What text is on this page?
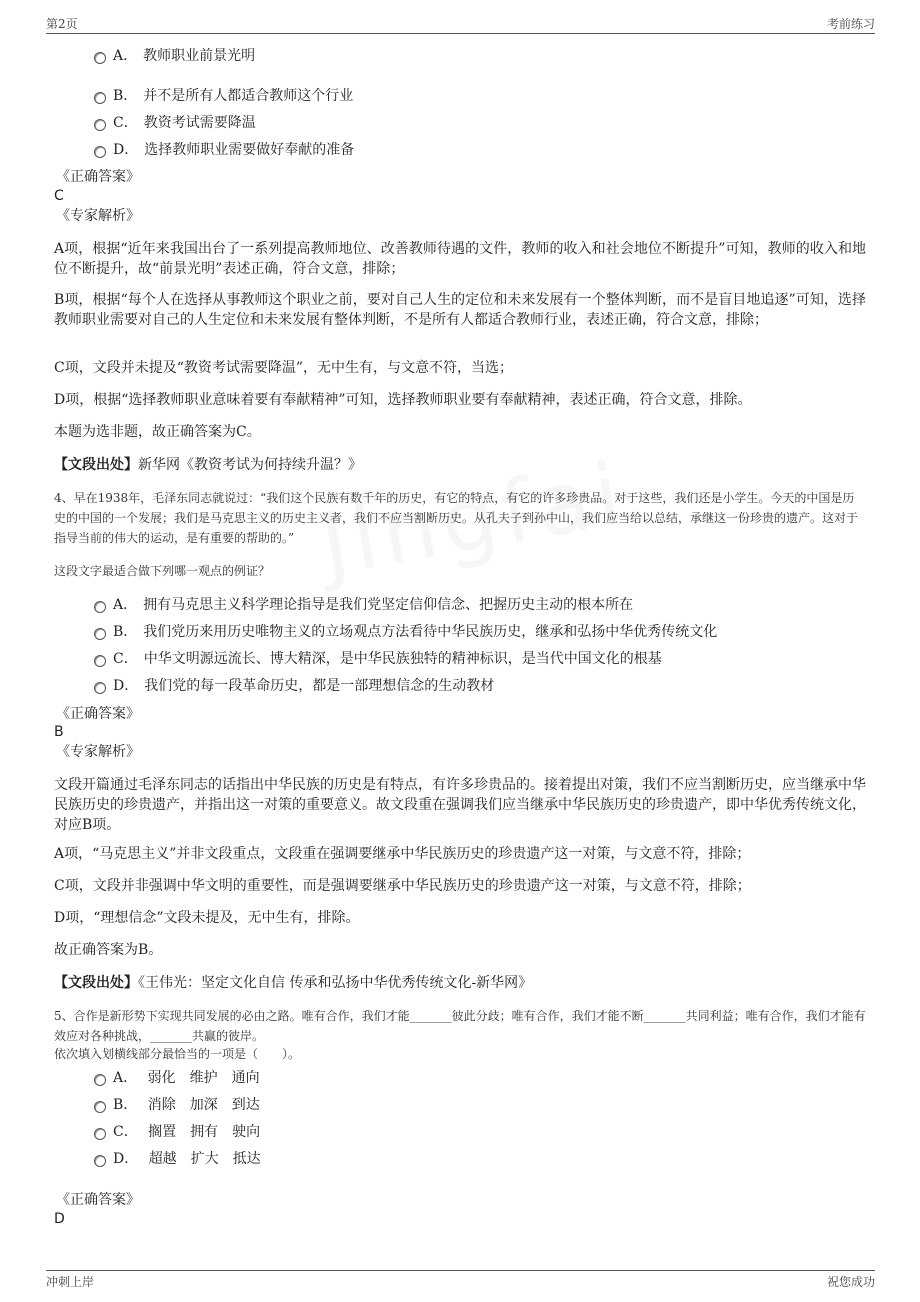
第2页	考前练习
A． 教师职业前景光明
B． 并不是所有人都适合教师这个行业
C． 教资考试需要降温
D． 选择教师职业需要做好奉献的准备
《正确答案》
C
《专家解析》
A项，根据“近年来我国出台了一系列提高教师地位、改善教师待遇的文件，教师的收入和社会地位不断提升”可知，教师的收入和地位不断提升，故“前景光明”表述正确，符合文意，排除；
B项，根据“每个人在选择从事教师这个职业之前，要对自己人生的定位和未来发展有一个整体判断，而不是盲目地追逐”可知，选择教师职业需要对自己的人生定位和未来发展有整体判断，不是所有人都适合教师行业，表述正确，符合文意，排除；
C项，文段并未提及“教资考试需要降温”，无中生有，与文意不符，当选；
D项，根据“选择教师职业意味着要有奉献精神”可知，选择教师职业要有奉献精神，表述正确，符合文意，排除。
本题为选非题，故正确答案为C。
【文段出处】新华网《教资考试为何持续升温？》
4、早在1938年，毛泽东同志就说过：“我们这个民族有数千年的历史，有它的特点，有它的许多珍贵品。对于这些，我们还是小学生。今天的中国是历史的中国的一个发展；我们是马克思主义的历史主义者，我们不应当割断历史。从孔夫子到孙中山，我们应当给以总结，承继这一份珍贵的遗产。这对于指导当前的伟大的运动，是有重要的帮助的。”
这段文字最适合做下列哪一观点的例证？
A． 拥有马克思主义科学理论指导是我们党坚定信仰信念、把握历史主动的根本所在
B． 我们党历来用历史唯物主义的立场观点方法看待中华民族历史，继承和弘扬中华优秀传统文化
C． 中华文明源远流长、博大精深，是中华民族独特的精神标识，是当代中国文化的根基
D． 我们党的每一段革命历史，都是一部理想信念的生动教材
《正确答案》
B
《专家解析》
文段开篇通过毛泽东同志的话指出中华民族的历史是有特点，有许多珍贵品的。接着提出对策，我们不应当割断历史，应当继承中华民族历史的珍贵遗产，并指出这一对策的重要意义。故文段重在强调我们应当继承中华民族历史的珍贵遗产，即中华优秀传统文化，对应B项。
A项，“马克思主义”并非文段重点，文段重在强调要继承中华民族历史的珍贵遗产这一对策，与文意不符，排除；
C项，文段并非强调中华文明的重要性，而是强调要继承中华民族历史的珍贵遗产这一对策，与文意不符，排除；
D项，“理想信念”文段未提及，无中生有，排除。
故正确答案为B。
【文段出处】《王伟光：坚定文化自信 传承和弘扬中华优秀传统文化-新华网》
5、合作是新形势下实现共同发展的必由之路。唯有合作，我们才能_______彼此分歧；唯有合作，我们才能不断_______共同利益；唯有合作，我们才能有效应对各种挑战，_______共赢的彼岸。
依次填入划横线部分最恰当的一项是（　　）。
A． 弱化 维护 通向
B． 消除 加深 到达
C． 搁置 拥有 驶向
D． 超越 扩大 抵达
《正确答案》
D
冲刺上岸	祝您成功
